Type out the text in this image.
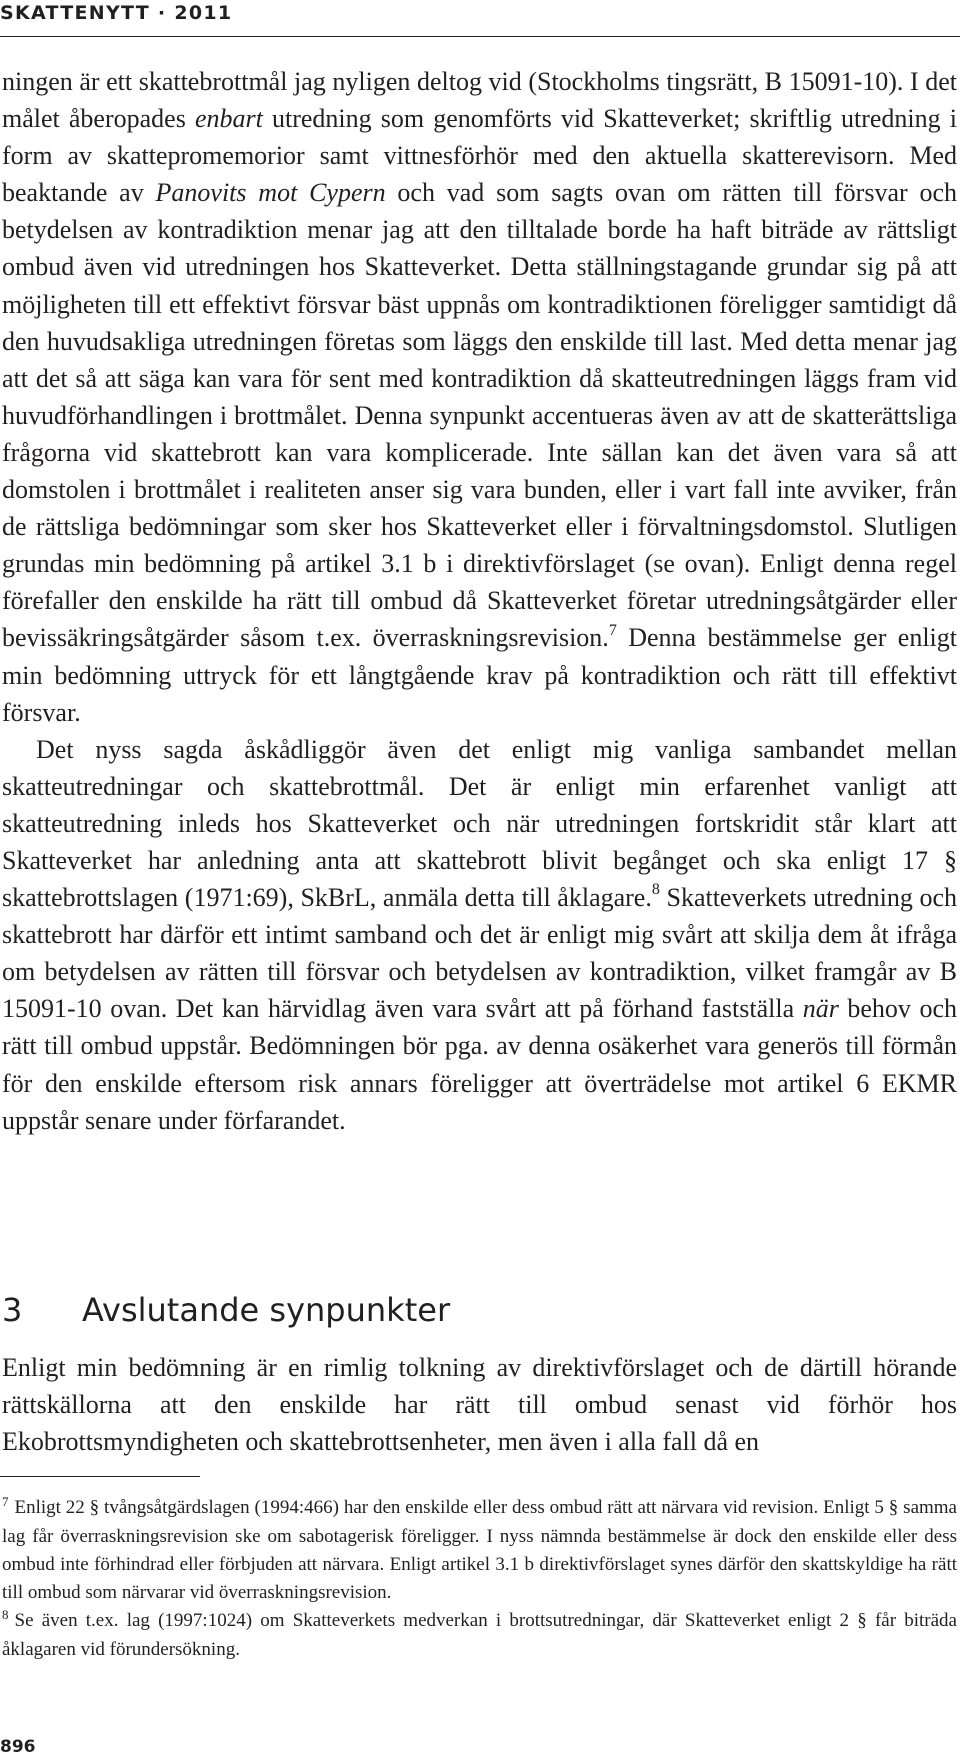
SKATTENYTT · 2011

ningen är ett skattebrottmål jag nyligen deltog vid (Stockholms tingsrätt, B 15091-10). I det målet åberopades enbart utredning som genomförts vid Skatteverket; skriftlig utredning i form av skattepromemorior samt vittnesförhör med den aktuella skatterevisorn. Med beaktande av Panovits mot Cypern och vad som sagts ovan om rätten till försvar och betydelsen av kontradiktion menar jag att den tilltalade borde ha haft biträde av rättsligt ombud även vid utredningen hos Skatteverket. Detta ställningstagande grundar sig på att möjligheten till ett effektivt försvar bäst uppnås om kontradiktionen föreligger samtidigt då den huvudsakliga utredningen företas som läggs den enskilde till last. Med detta menar jag att det så att säga kan vara för sent med kontradiktion då skatteutredningen läggs fram vid huvudförhandlingen i brottmålet. Denna synpunkt accentueras även av att de skatterättsliga frågorna vid skattebrott kan vara komplicerade. Inte sällan kan det även vara så att domstolen i brottmålet i realiteten anser sig vara bunden, eller i vart fall inte avviker, från de rättsliga bedömningar som sker hos Skatteverket eller i förvaltningsdomstol. Slutligen grundas min bedömning på artikel 3.1 b i direktivförslaget (se ovan). Enligt denna regel förefaller den enskilde ha rätt till ombud då Skatteverket företar utredningsåtgärder eller bevissäkringsåtgärder såsom t.ex. överraskningsrevision.$^7$ Denna bestämmelse ger enligt min bedömning uttryck för ett långtgående krav på kontradiktion och rätt till effektivt försvar.

Det nyss sagda åskådliggör även det enligt mig vanliga sambandet mellan skatteutredningar och skattebrottmål. Det är enligt min erfarenhet vanligt att skatteutredning inleds hos Skatteverket och när utredningen fortskridit står klart att Skatteverket har anledning anta att skattebrott blivit begånget och ska enligt 17 § skattebrottslagen (1971:69), SkBrL, anmäla detta till åklagare.$^8$ Skatteverkets utredning och skattebrott har därför ett intimt samband och det är enligt mig svårt att skilja dem åt ifråga om betydelsen av rätten till försvar och betydelsen av kontradiktion, vilket framgår av B 15091-10 ovan. Det kan härvidlag även vara svårt att på förhand fastställa när behov och rätt till ombud uppstår. Bedömningen bör pga. av denna osäkerhet vara generös till förmån för den enskilde eftersom risk annars föreligger att överträdelse mot artikel 6 EKMR uppstår senare under förfarandet.

3 Avslutande synpunkter

Enligt min bedömning är en rimlig tolkning av direktivförslaget och de därtill hörande rättskällorna att den enskilde har rätt till ombud senast vid förhör hos Ekobrottsmyndigheten och skattebrottsenheter, men även i alla fall då en

$^7$ Enligt 22 § tvångsåtgärdslagen (1994:466) har den enskilde eller dess ombud rätt att närvara vid revision. Enligt 5 § samma lag får överraskningsrevision ske om sabotagerisk föreligger. I nyss nämnda bestämmelse är dock den enskilde eller dess ombud inte förhindrad eller förbjuden att närvara. Enligt artikel 3.1 b direktivförslaget synes därför den skattskyldige ha rätt till ombud som närvarar vid överraskningsrevision.

$^8$ Se även t.ex. lag (1997:1024) om Skatteverkets medverkan i brottsutredningar, där Skatteverket enligt 2 § får biträda åklagaren vid förundersökning.

896
